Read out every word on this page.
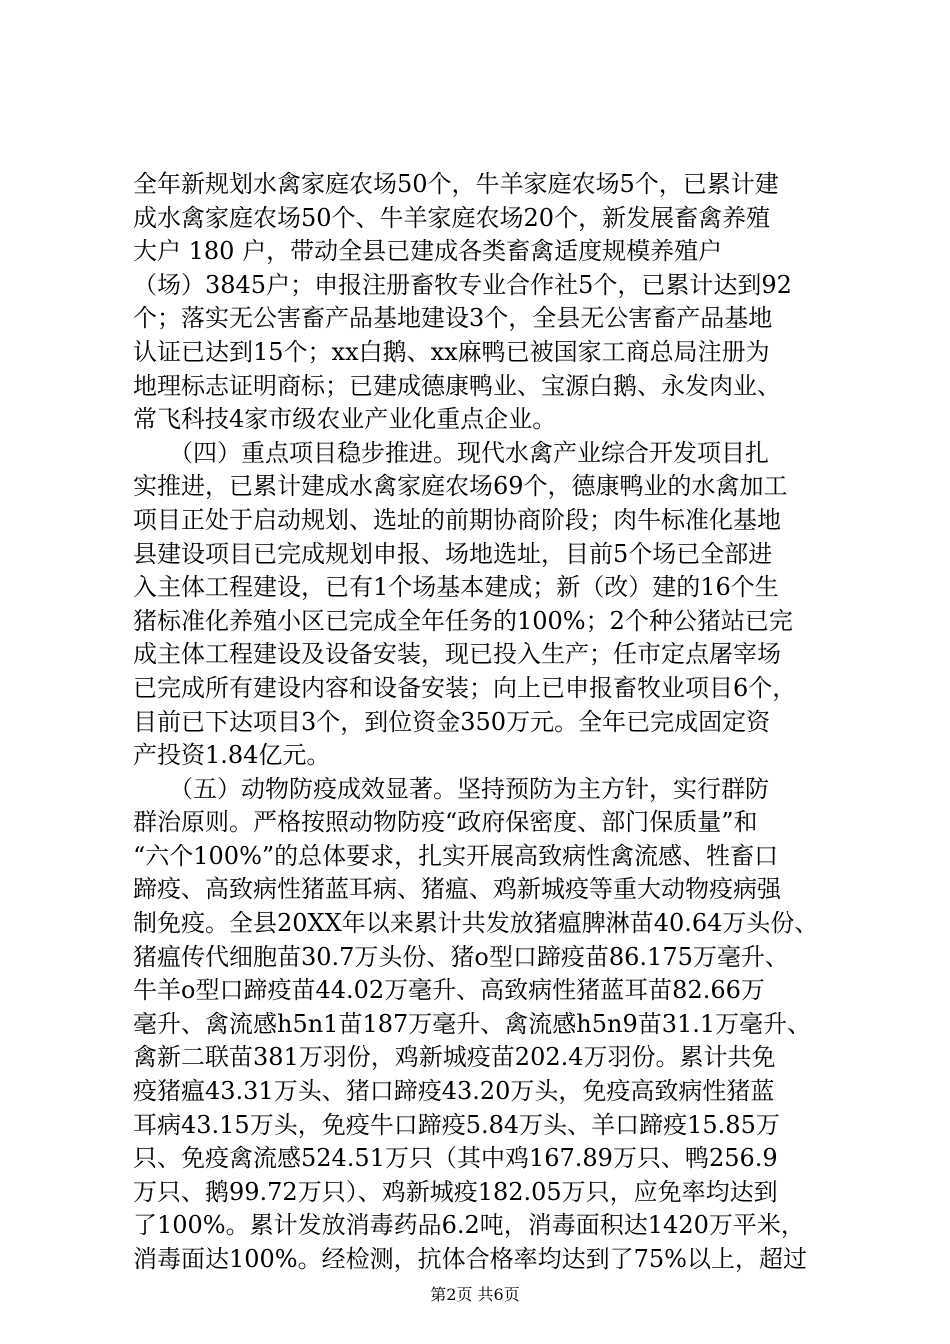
全年新规划水禽家庭农场50个，牛羊家庭农场5个，已累计建
成水禽家庭农场50个、牛羊家庭农场20个，新发展畜禽养殖
大户 180 户，带动全县已建成各类畜禽适度规模养殖户
（场）3845户；申报注册畜牧专业合作社5个，已累计达到92
个；落实无公害畜产品基地建设3个，全县无公害畜产品基地
认证已达到15个；xx白鹅、xx麻鸭已被国家工商总局注册为
地理标志证明商标；已建成德康鸭业、宝源白鹅、永发肉业、
常飞科技4家市级农业产业化重点企业。
　　（四）重点项目稳步推进。现代水禽产业综合开发项目扎
实推进，已累计建成水禽家庭农场69个，德康鸭业的水禽加工
项目正处于启动规划、选址的前期协商阶段；肉牛标准化基地
县建设项目已完成规划申报、场地选址，目前5个场已全部进
入主体工程建设，已有1个场基本建成；新（改）建的16个生
猪标准化养殖小区已完成全年任务的100%；2个种公猪站已完
成主体工程建设及设备安装，现已投入生产；任市定点屠宰场
已完成所有建设内容和设备安装；向上已申报畜牧业项目6个，
目前已下达项目3个，到位资金350万元。全年已完成固定资
产投资1.84亿元。
　　（五）动物防疫成效显著。坚持预防为主方针，实行群防
群治原则。严格按照动物防疫“政府保密度、部门保质量”和
“六个100%”的总体要求，扎实开展高致病性禽流感、牲畜口
蹄疫、高致病性猪蓝耳病、猪瘟、鸡新城疫等重大动物疫病强
制免疫。全县20XX年以来累计共发放猪瘟脾淋苗40.64万头份、
猪瘟传代细胞苗30.7万头份、猪o型口蹄疫苗86.175万毫升、
牛羊o型口蹄疫苗44.02万毫升、高致病性猪蓝耳苗82.66万
毫升、禽流感h5n1苗187万毫升、禽流感h5n9苗31.1万毫升、
禽新二联苗381万羽份，鸡新城疫苗202.4万羽份。累计共免
疫猪瘟43.31万头、猪口蹄疫43.20万头，免疫高致病性猪蓝
耳病43.15万头，免疫牛口蹄疫5.84万头、羊口蹄疫15.85万
只、免疫禽流感524.51万只（其中鸡167.89万只、鸭256.9
万只、鹅99.72万只）、鸡新城疫182.05万只，应免率均达到
了100%。累计发放消毒药品6.2吨，消毒面积达1420万平米，
消毒面达100%。经检测，抗体合格率均达到了75%以上，超过
第2页 共6页
